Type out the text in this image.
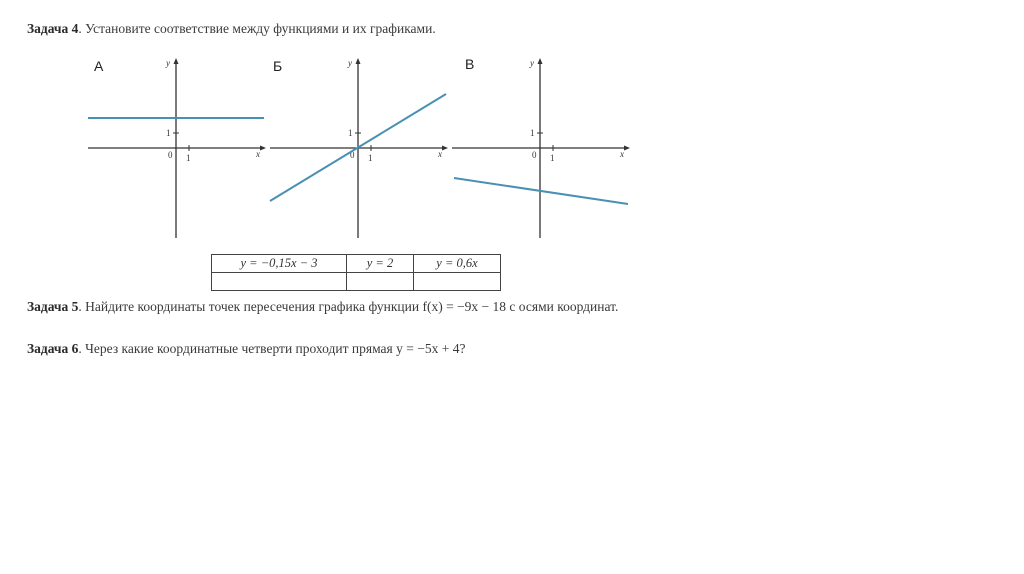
Задача 4. Установите соответствие между функциями и их графиками.
А
x
y
0 1
1
Б
x
y
0 1
1
В
x
y
0 1
1
y = −0,15x − 3	y = 2	y = 0,6x

Задача 5. Найдите координаты точек пересечения графика функции f(x) = −9x − 18 с осями координат.
Задача 6. Через какие координатные четверти проходит прямая y = −5x + 4?
